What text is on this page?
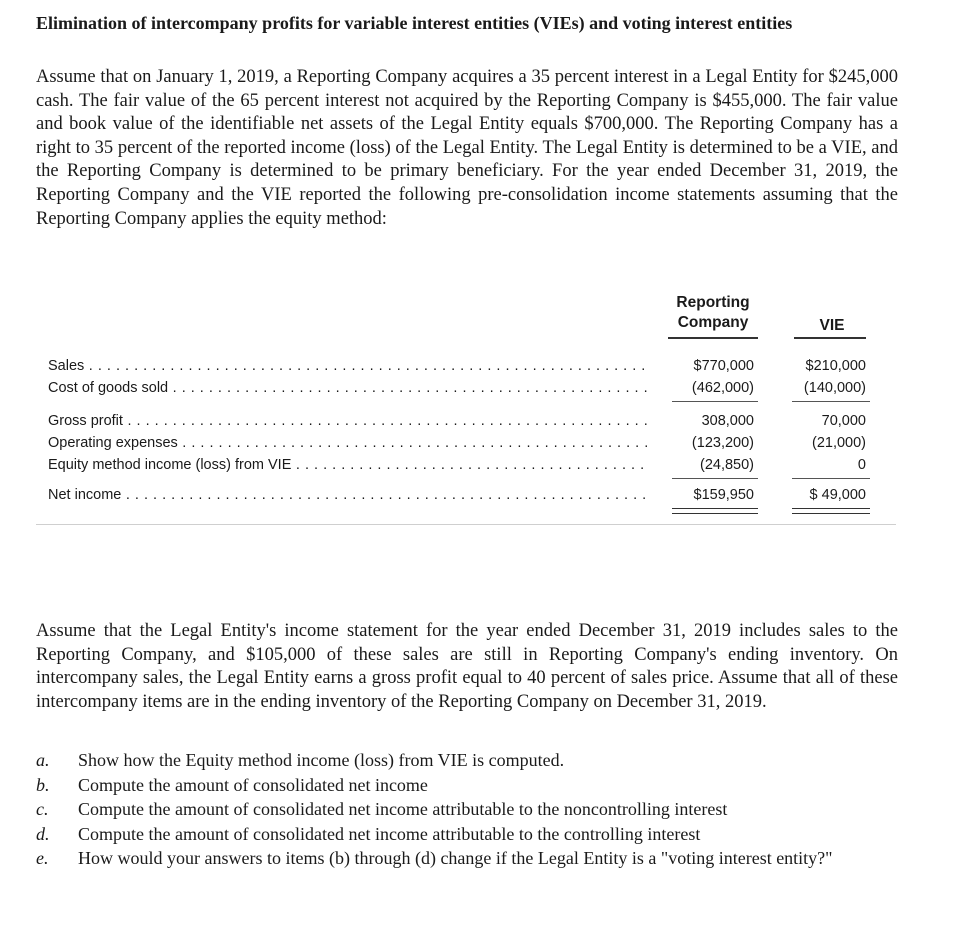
Elimination of intercompany profits for variable interest entities (VIEs) and voting interest entities
Assume that on January 1, 2019, a Reporting Company acquires a 35 percent interest in a Legal Entity for $245,000 cash. The fair value of the 65 percent interest not acquired by the Reporting Company is $455,000. The fair value and book value of the identifiable net assets of the Legal Entity equals $700,000. The Reporting Company has a right to 35 percent of the reported income (loss) of the Legal Entity. The Legal Entity is determined to be a VIE, and the Reporting Company is determined to be primary beneficiary. For the year ended December 31, 2019, the Reporting Company and the VIE reported the following pre-consolidation income statements assuming that the Reporting Company applies the equity method:
Reporting
Company	VIE
Sales . . .	$770,000	$210,000
Cost of goods sold . . .	(462,000)	(140,000)
Gross profit . . .	308,000	70,000
Operating expenses . . .	(123,200)	(21,000)
Equity method income (loss) from VIE . . .	(24,850)	0
Net income . . .	$159,950	$ 49,000
Assume that the Legal Entity's income statement for the year ended December 31, 2019 includes sales to the Reporting Company, and $105,000 of these sales are still in Reporting Company's ending inventory. On intercompany sales, the Legal Entity earns a gross profit equal to 40 percent of sales price. Assume that all of these intercompany items are in the ending inventory of the Reporting Company on December 31, 2019.
a.	Show how the Equity method income (loss) from VIE is computed.
b.	Compute the amount of consolidated net income
c.	Compute the amount of consolidated net income attributable to the noncontrolling interest
d.	Compute the amount of consolidated net income attributable to the controlling interest
e.	How would your answers to items (b) through (d) change if the Legal Entity is a "voting interest entity?"
